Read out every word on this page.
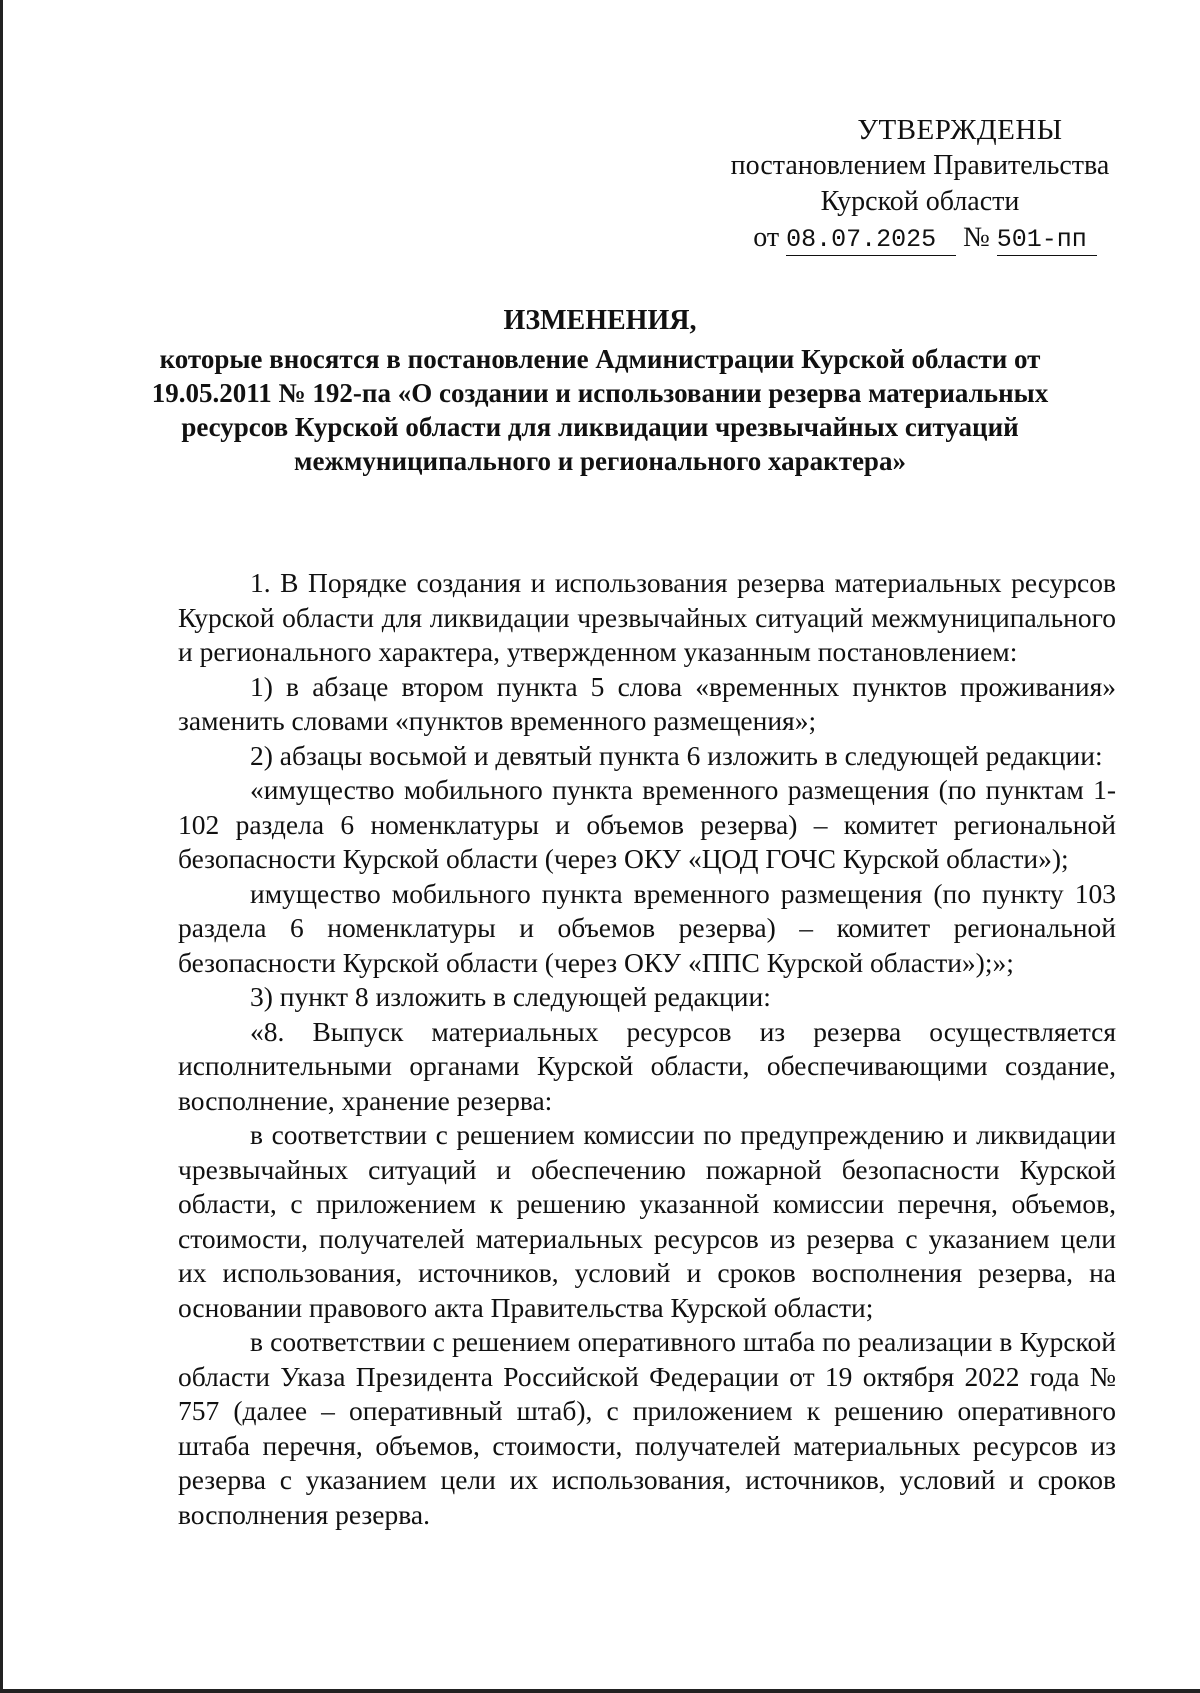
УТВЕРЖДЕНЫ
постановлением Правительства
Курской области
от 08.07.2025 № 501-пп
ИЗМЕНЕНИЯ,
которые вносятся в постановление Администрации Курской области от 19.05.2011 № 192-па «О создании и использовании резерва материальных ресурсов Курской области для ликвидации чрезвычайных ситуаций межмуниципального и регионального характера»

1. В Порядке создания и использования резерва материальных ресурсов Курской области для ликвидации чрезвычайных ситуаций межмуниципального и регионального характера, утвержденном указанным постановлением:

1) в абзаце втором пункта 5 слова «временных пунктов проживания» заменить словами «пунктов временного размещения»;

2) абзацы восьмой и девятый пункта 6 изложить в следующей редакции:

«имущество мобильного пункта временного размещения (по пунктам 1-102 раздела 6 номенклатуры и объемов резерва) – комитет региональной безопасности Курской области (через ОКУ «ЦОД ГОЧС Курской области»);

имущество мобильного пункта временного размещения (по пункту 103 раздела 6 номенклатуры и объемов резерва) – комитет региональной безопасности Курской области (через ОКУ «ППС Курской области»);»;

3) пункт 8 изложить в следующей редакции:

«8. Выпуск материальных ресурсов из резерва осуществляется исполнительными органами Курской области, обеспечивающими создание, восполнение, хранение резерва:

в соответствии с решением комиссии по предупреждению и ликвидации чрезвычайных ситуаций и обеспечению пожарной безопасности Курской области, с приложением к решению указанной комиссии перечня, объемов, стоимости, получателей материальных ресурсов из резерва с указанием цели их использования, источников, условий и сроков восполнения резерва, на основании правового акта Правительства Курской области;

в соответствии с решением оперативного штаба по реализации в Курской области Указа Президента Российской Федерации от 19 октября 2022 года № 757 (далее – оперативный штаб), с приложением к решению оперативного штаба перечня, объемов, стоимости, получателей материальных ресурсов из резерва с указанием цели их использования, источников, условий и сроков восполнения резерва.
